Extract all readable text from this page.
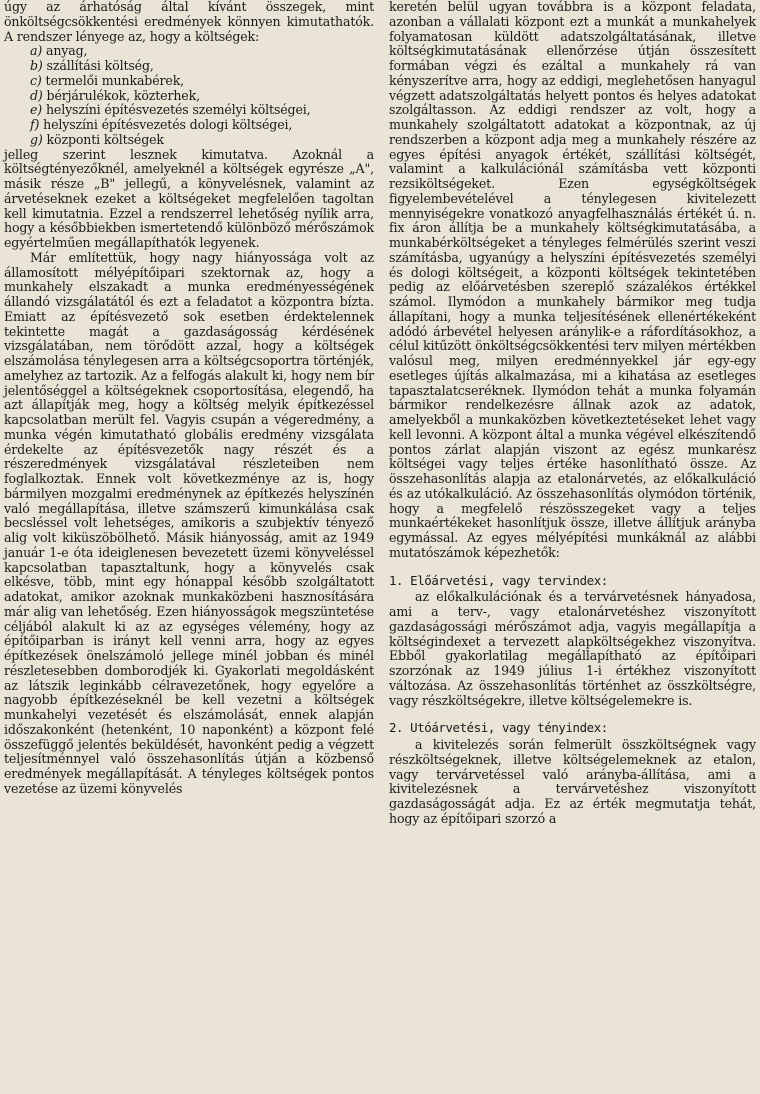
úgy az árhatóság által kívánt összegek, mint önköltségcsökkentési eredmények könnyen kimutathatók. A rendszer lényege az, hogy a költségek:

a) anyag,
b) szállítási költség,
c) termelői munkabérek,
d) bérjárulékok, közterhek,
e) helyszíni építésvezetés személyi költségei,
f) helyszíni építésvezetés dologi költségei,
g) központi költségek

jelleg szerint lesznek kimutatva. Azoknál a költségtényezőknél, amelyeknél a költségek egyrésze „A", másik része „B" jellegű, a könyvelésnek, valamint az árvetéseknek ezeket a költségeket megfelelően tagoltan kell kimutatnia. Ezzel a rendszerrel lehetőség nyílik arra, hogy a későbbiekben ismertetendő különböző mérőszámok egyértelműen megállapíthatók legyenek.

Már említettük, hogy nagy hiányossága volt az államosított mélyépítőipari szektornak az, hogy a munkahely elszakadt a munka eredményességének állandó vizsgálatától és ezt a feladatot a központra bízta. Emiatt az építésvezető sok esetben érdektelennek tekintette magát a gazdaságosság kérdésének vizsgálatában, nem törődött azzal, hogy a költségek elszámolása ténylegesen arra a költségcsoportra történjék, amelyhez az tartozik. Az a felfogás alakult ki, hogy nem bír jelentőséggel a költségeknek csoportosítása, elegendő, ha azt állapítják meg, hogy a költség melyik építkezéssel kapcsolatban merült fel. Vagyis csupán a végeredmény, a munka végén kimutatható globális eredmény vizsgálata érdekelte az építésvezetők nagy részét és a részeredmények vizsgálatával részleteiben nem foglalkoztak. Ennek volt következménye az is, hogy bármilyen mozgalmi eredménynek az építkezés helyszínén való megállapítása, illetve számszerű kimunkálása csak becsléssel volt lehetséges, amikoris a szubjektív tényező alig volt kiküszöbölhető. Másik hiányosság, amit az 1949 január 1-e óta ideiglenesen bevezetett üzemi könyveléssel kapcsolatban tapasztaltunk, hogy a könyvelés csak elkésve, több, mint egy hónappal később szolgáltatott adatokat, amikor azoknak munkaközbeni hasznosítására már alig van lehetőség. Ezen hiányosságok megszüntetése céljából alakult ki az az egységes vélemény, hogy az építőiparban is irányt kell venni arra, hogy az egyes építkezések önelszámoló jellege minél jobban és minél részletesebben domborodjék ki. Gyakorlati megoldásként az látszik leginkább célravezetőnek, hogy egyelőre a nagyobb építkezéseknél be kell vezetni a költségek munkahelyi vezetését és elszámolását, ennek alapján időszakonként (hetenként, 10 naponként) a központ felé összefüggő jelentés beküldését, havonként pedig a végzett teljesítménnyel való összehasonlítás útján a közbenső eredmények megállapítását. A tényleges költségek pontos vezetése az üzemi könyvelés

keretén belül ugyan továbbra is a központ feladata, azonban a vállalati központ ezt a munkát a munkahelyek folyamatosan küldött adatszolgáltatásának, illetve költségkimutatásának ellenőrzése útján összesített formában végzi és ezáltal a munkahely rá van kényszerítve arra, hogy az eddigi, meglehetősen hanyagul végzett adatszolgáltatás helyett pontos és helyes adatokat szolgáltasson. Az eddigi rendszer az volt, hogy a munkahely szolgáltatott adatokat a központnak, az új rendszerben a központ adja meg a munkahely részére az egyes építési anyagok értékét, szállítási költségét, valamint a kalkulációnál számításba vett központi rezsiköltségeket. Ezen egységköltségek figyelembevételével a ténylegesen kivitelezett mennyiségekre vonatkozó anyagfelhasználás értékét ú. n. fix áron állítja be a munkahely költségkimutatásába, a munkabérköltségeket a tényleges felmérülés szerint veszi számításba, ugyanúgy a helyszíni építésvezetés személyi és dologi költségeit, a központi költségek tekintetében pedig az előárvetésben szereplő százalékos értékkel számol. Ilymódon a munkahely bármikor meg tudja állapítani, hogy a munka teljesítésének ellenértékeként adódó árbevétel helyesen aránylik-e a ráfordításokhoz, a célul kitűzött önköltségcsökkentési terv milyen mértékben valósul meg, milyen eredménnyekkel jár egy-egy esetleges újítás alkalmazása, mi a kihatása az esetleges tapasztalatcseréknek. Ilymódon tehát a munka folyamán bármikor rendelkezésre állnak azok az adatok, amelyekből a munkaközben következtetéseket lehet vagy kell levonni. A központ által a munka végével elkészítendő pontos zárlat alapján viszont az egész munkarész költségei vagy teljes értéke hasonlítható össze. Az összehasonlítás alapja az etalonárvetés, az előkalkuláció és az utókalkuláció. Az összehasonlítás olymódon történik, hogy a megfelelő részösszegeket vagy a teljes munkaértékeket hasonlítjuk össze, illetve állítjuk arányba egymással. Az egyes mélyépítési munkáknál az alábbi mutatószámok képezhetők:

1. Előárvetési, vagy tervindex:

az előkalkulációnak és a tervárvetésnek hányadosa, ami a terv-, vagy etalonárvetéshez viszonyított gazdaságossági mérőszámot adja, vagyis megállapítja a költségindexet a tervezett alapköltségekhez viszonyítva. Ebből gyakorlatilag megállapítható az építőipari szorzónak az 1949 július 1-i értékhez viszonyított változása. Az összehasonlítás történhet az összköltségre, vagy részköltségekre, illetve költségelemekre is.

2. Utóárvetési, vagy tényindex:

a kivitelezés során felmerült összköltségnek vagy részköltségeknek, illetve költségelemeknek az etalon, vagy tervárvetéssel való arányba-állítása, ami a kivitelezésnek a tervárvetéshez viszonyított gazdaságosságát adja. Ez az érték megmutatja tehát, hogy az építőipari szorzó a
